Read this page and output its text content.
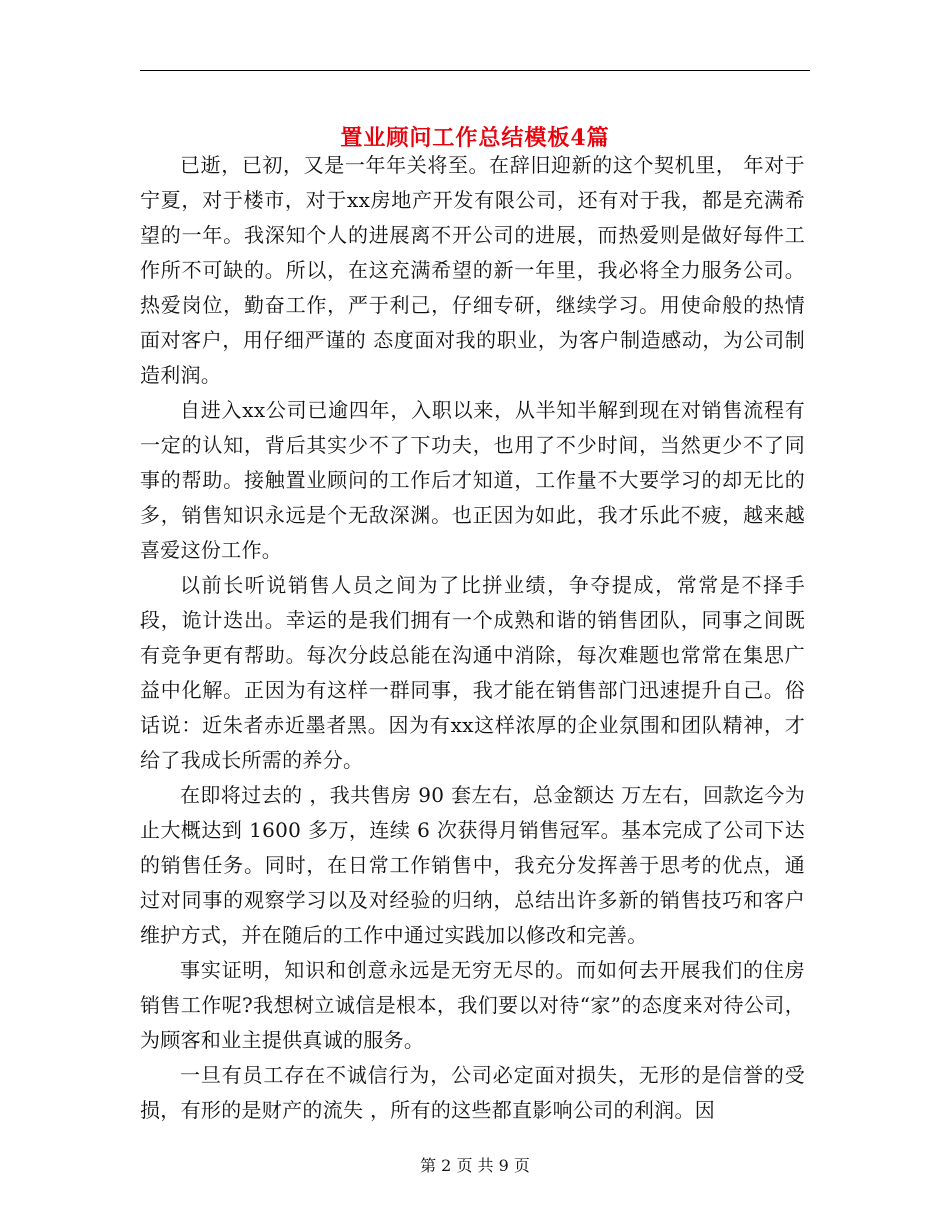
置业顾问工作总结模板4篇

已逝，已初，又是一年年关将至。在辞旧迎新的这个契机里， 年对于宁夏，对于楼市，对于xx房地产开发有限公司，还有对于我，都是充满希望的一年。我深知个人的进展离不开公司的进展，而热爱则是做好每件工作所不可缺的。所以，在这充满希望的新一年里，我必将全力服务公司。热爱岗位，勤奋工作，严于利己，仔细专研，继续学习。用使命般的热情面对客户，用仔细严谨的 态度面对我的职业，为客户制造感动，为公司制造利润。

自进入xx公司已逾四年，入职以来，从半知半解到现在对销售流程有一定的认知，背后其实少不了下功夫，也用了不少时间，当然更少不了同事的帮助。接触置业顾问的工作后才知道，工作量不大要学习的却无比的多，销售知识永远是个无敌深渊。也正因为如此，我才乐此不疲，越来越喜爱这份工作。

以前长听说销售人员之间为了比拼业绩，争夺提成，常常是不择手段，诡计迭出。幸运的是我们拥有一个成熟和谐的销售团队，同事之间既有竞争更有帮助。每次分歧总能在沟通中消除，每次难题也常常在集思广益中化解。正因为有这样一群同事，我才能在销售部门迅速提升自己。俗话说：近朱者赤近墨者黑。因为有xx这样浓厚的企业氛围和团队精神，才给了我成长所需的养分。

在即将过去的 ，我共售房 90 套左右，总金额达 万左右，回款迄今为止大概达到 1600 多万，连续 6 次获得月销售冠军。基本完成了公司下达的销售任务。同时，在日常工作销售中，我充分发挥善于思考的优点，通过对同事的观察学习以及对经验的归纳，总结出许多新的销售技巧和客户维护方式，并在随后的工作中通过实践加以修改和完善。

事实证明，知识和创意永远是无穷无尽的。而如何去开展我们的住房销售工作呢?我想树立诚信是根本，我们要以对待“家”的态度来对待公司，为顾客和业主提供真诚的服务。

一旦有员工存在不诚信行为，公司必定面对损失，无形的是信誉的受损，有形的是财产的流失 ，所有的这些都直影响公司的利润。因

第 2 页 共 9 页
